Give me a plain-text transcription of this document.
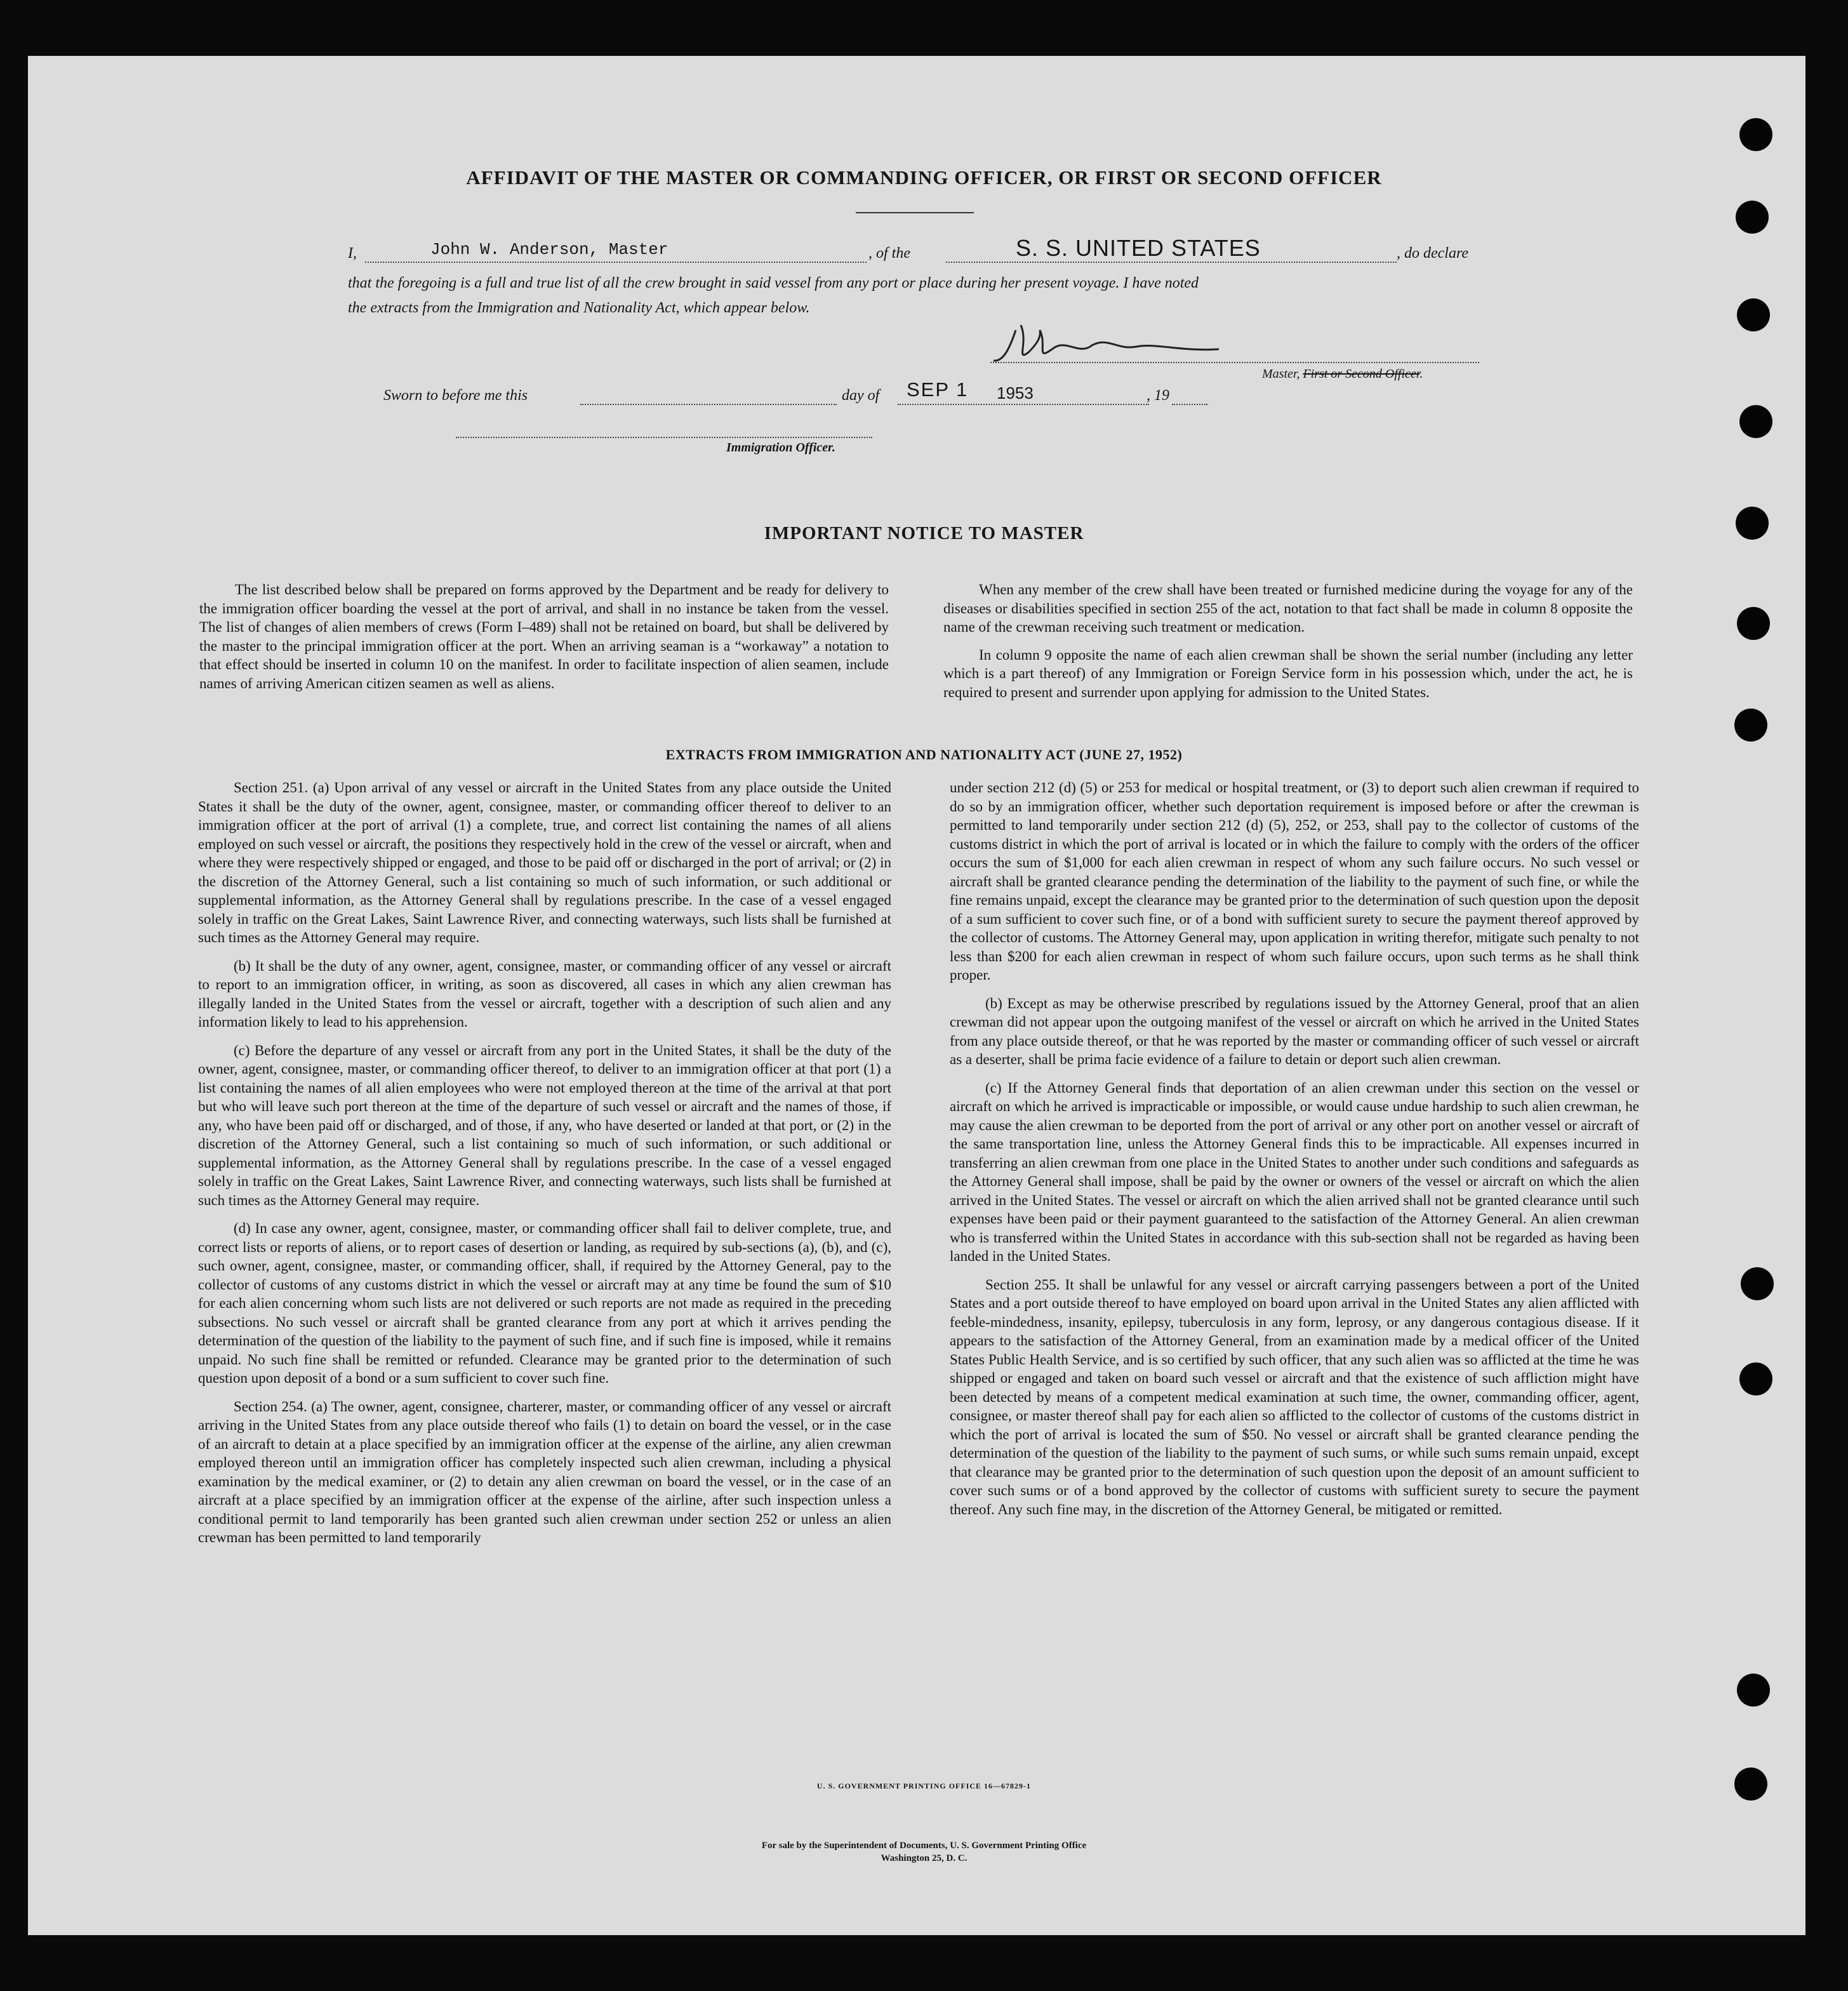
AFFIDAVIT OF THE MASTER OR COMMANDING OFFICER, OR FIRST OR SECOND OFFICER
I,	John W. Anderson, Master	, of the	S. S. UNITED STATES	, do declare
that the foregoing is a full and true list of all the crew brought in said vessel from any port or place during her present voyage. I have noted
the extracts from the Immigration and Nationality Act, which appear below.
Master, First or Second Officer.
Sworn to before me this	day of SEP 1 1953	, 19
Immigration Officer.
IMPORTANT NOTICE TO MASTER

The list described below shall be prepared on forms approved by the Department and be ready for delivery to the immigration officer boarding the vessel at the port of arrival, and shall in no instance be taken from the vessel. The list of changes of alien members of crews (Form I–489) shall not be retained on board, but shall be delivered by the master to the principal immigration officer at the port. When an arriving seaman is a “workaway” a notation to that effect should be inserted in column 10 on the manifest. In order to facilitate inspection of alien seamen, include names of arriving American citizen seamen as well as aliens.

When any member of the crew shall have been treated or furnished medicine during the voyage for any of the diseases or disabilities specified in section 255 of the act, notation to that fact shall be made in column 8 opposite the name of the crewman receiving such treatment or medication.

In column 9 opposite the name of each alien crewman shall be shown the serial number (including any letter which is a part thereof) of any Immigration or Foreign Service form in his possession which, under the act, he is required to present and surrender upon applying for admission to the United States.

EXTRACTS FROM IMMIGRATION AND NATIONALITY ACT (JUNE 27, 1952)

Section 251. (a) Upon arrival of any vessel or aircraft in the United States from any place outside the United States it shall be the duty of the owner, agent, consignee, master, or commanding officer thereof to deliver to an immigration officer at the port of arrival (1) a complete, true, and correct list containing the names of all aliens employed on such vessel or aircraft, the positions they respectively hold in the crew of the vessel or aircraft, when and where they were respectively shipped or engaged, and those to be paid off or discharged in the port of arrival; or (2) in the discretion of the Attorney General, such a list containing so much of such information, or such additional or supplemental information, as the Attorney General shall by regulations prescribe. In the case of a vessel engaged solely in traffic on the Great Lakes, Saint Lawrence River, and connecting waterways, such lists shall be furnished at such times as the Attorney General may require.

(b) It shall be the duty of any owner, agent, consignee, master, or commanding officer of any vessel or aircraft to report to an immigration officer, in writing, as soon as discovered, all cases in which any alien crewman has illegally landed in the United States from the vessel or aircraft, together with a description of such alien and any information likely to lead to his apprehension.

(c) Before the departure of any vessel or aircraft from any port in the United States, it shall be the duty of the owner, agent, consignee, master, or commanding officer thereof, to deliver to an immigration officer at that port (1) a list containing the names of all alien employees who were not employed thereon at the time of the arrival at that port but who will leave such port thereon at the time of the departure of such vessel or aircraft and the names of those, if any, who have been paid off or discharged, and of those, if any, who have deserted or landed at that port, or (2) in the discretion of the Attorney General, such a list containing so much of such information, or such additional or supplemental information, as the Attorney General shall by regulations prescribe. In the case of a vessel engaged solely in traffic on the Great Lakes, Saint Lawrence River, and connecting waterways, such lists shall be furnished at such times as the Attorney General may require.

(d) In case any owner, agent, consignee, master, or commanding officer shall fail to deliver complete, true, and correct lists or reports of aliens, or to report cases of desertion or landing, as required by sub-sections (a), (b), and (c), such owner, agent, consignee, master, or commanding officer, shall, if required by the Attorney General, pay to the collector of customs of any customs district in which the vessel or aircraft may at any time be found the sum of $10 for each alien concerning whom such lists are not delivered or such reports are not made as required in the preceding subsections. No such vessel or aircraft shall be granted clearance from any port at which it arrives pending the determination of the question of the liability to the payment of such fine, and if such fine is imposed, while it remains unpaid. No such fine shall be remitted or refunded. Clearance may be granted prior to the determination of such question upon deposit of a bond or a sum sufficient to cover such fine.

Section 254. (a) The owner, agent, consignee, charterer, master, or commanding officer of any vessel or aircraft arriving in the United States from any place outside thereof who fails (1) to detain on board the vessel, or in the case of an aircraft to detain at a place specified by an immigration officer at the expense of the airline, any alien crewman employed thereon until an immigration officer has completely inspected such alien crewman, including a physical examination by the medical examiner, or (2) to detain any alien crewman on board the vessel, or in the case of an aircraft at a place specified by an immigration officer at the expense of the airline, after such inspection unless a conditional permit to land temporarily has been granted such alien crewman under section 252 or unless an alien crewman has been permitted to land temporarily

under section 212 (d) (5) or 253 for medical or hospital treatment, or (3) to deport such alien crewman if required to do so by an immigration officer, whether such deportation requirement is imposed before or after the crewman is permitted to land temporarily under section 212 (d) (5), 252, or 253, shall pay to the collector of customs of the customs district in which the port of arrival is located or in which the failure to comply with the orders of the officer occurs the sum of $1,000 for each alien crewman in respect of whom any such failure occurs. No such vessel or aircraft shall be granted clearance pending the determination of the liability to the payment of such fine, or while the fine remains unpaid, except the clearance may be granted prior to the determination of such question upon the deposit of a sum sufficient to cover such fine, or of a bond with sufficient surety to secure the payment thereof approved by the collector of customs. The Attorney General may, upon application in writing therefor, mitigate such penalty to not less than $200 for each alien crewman in respect of whom such failure occurs, upon such terms as he shall think proper.

(b) Except as may be otherwise prescribed by regulations issued by the Attorney General, proof that an alien crewman did not appear upon the outgoing manifest of the vessel or aircraft on which he arrived in the United States from any place outside thereof, or that he was reported by the master or commanding officer of such vessel or aircraft as a deserter, shall be prima facie evidence of a failure to detain or deport such alien crewman.

(c) If the Attorney General finds that deportation of an alien crewman under this section on the vessel or aircraft on which he arrived is impracticable or impossible, or would cause undue hardship to such alien crewman, he may cause the alien crewman to be deported from the port of arrival or any other port on another vessel or aircraft of the same transportation line, unless the Attorney General finds this to be impracticable. All expenses incurred in transferring an alien crewman from one place in the United States to another under such conditions and safeguards as the Attorney General shall impose, shall be paid by the owner or owners of the vessel or aircraft on which the alien arrived in the United States. The vessel or aircraft on which the alien arrived shall not be granted clearance until such expenses have been paid or their payment guaranteed to the satisfaction of the Attorney General. An alien crewman who is transferred within the United States in accordance with this sub-section shall not be regarded as having been landed in the United States.

Section 255. It shall be unlawful for any vessel or aircraft carrying passengers between a port of the United States and a port outside thereof to have employed on board upon arrival in the United States any alien afflicted with feeble-mindedness, insanity, epilepsy, tuberculosis in any form, leprosy, or any dangerous contagious disease. If it appears to the satisfaction of the Attorney General, from an examination made by a medical officer of the United States Public Health Service, and is so certified by such officer, that any such alien was so afflicted at the time he was shipped or engaged and taken on board such vessel or aircraft and that the existence of such affliction might have been detected by means of a competent medical examination at such time, the owner, commanding officer, agent, consignee, or master thereof shall pay for each alien so afflicted to the collector of customs of the customs district in which the port of arrival is located the sum of $50. No vessel or aircraft shall be granted clearance pending the determination of the question of the liability to the payment of such sums, or while such sums remain unpaid, except that clearance may be granted prior to the determination of such question upon the deposit of an amount sufficient to cover such sums or of a bond approved by the collector of customs with sufficient surety to secure the payment thereof. Any such fine may, in the discretion of the Attorney General, be mitigated or remitted.

U. S. GOVERNMENT PRINTING OFFICE 16—67829-1
For sale by the Superintendent of Documents, U. S. Government Printing Office
Washington 25, D. C.
